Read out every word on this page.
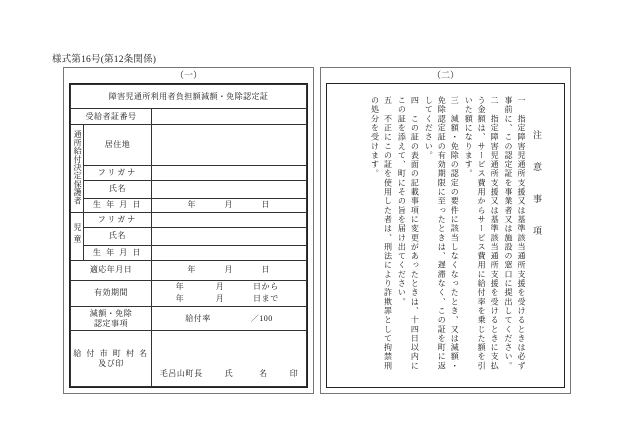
様式第16号(第12条関係)
（一）
障害児通所利用者負担額減額・免除認定証		
受給者証番号		
通所給付決定保護者	居住地	
	フリガナ	
	氏名	
	生 年 月 日	年 月 日

児童	フリガナ	
	氏名	
	生 年 月 日	
適応年月日		年 月 日

有効期間	
年	月	日から
年	月	日まで

減額・免除
認定事項

給付率	／100

給 付 市 町 村 名
及び印

毛呂山町長	氏　　　名	印
（二）
注　意　事　項
一　指定障害児通所支援又は基準該当通所支援を受けるときは必ず事前に、この認定証を事業者又は施設の窓口に提出してください。
二　指定障害児通所支援又は基準該当通所支援を受けるときに支払う金額は、サービス費用からサービス費用に給付率を乗じた額を引いた額になります。
三　減額・免除の認定の要件に該当しなくなったとき、又は減額・免除認定証の有効期限に至ったときは、遅滞なく、この証を町に返してください。
四　この証の表面の記載事項に変更があったときは、十四日以内にこの証を添えて、町にその旨を届け出てください。
五　不正にこの証を使用した者は、刑法により詐欺罪として拘禁刑の処分を受けます。
